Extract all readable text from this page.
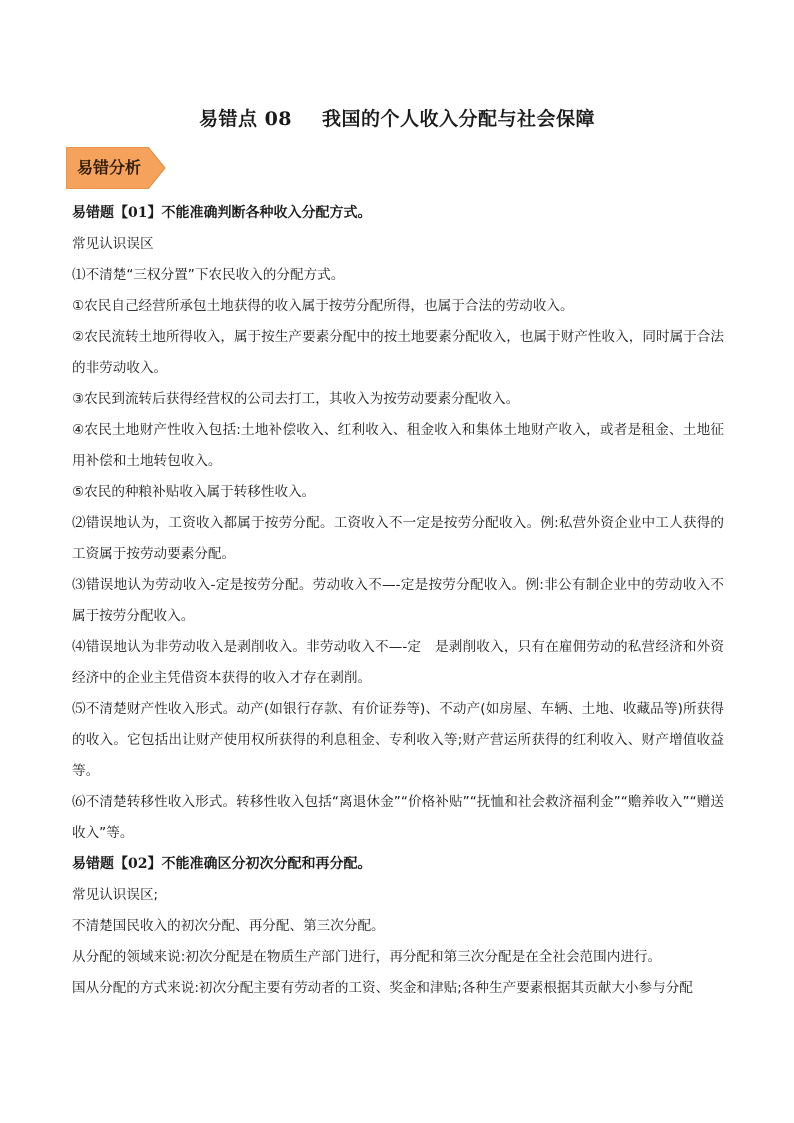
易错点 08 我国的个人收入分配与社会保障
易错分析

易错题【01】不能准确判断各种收入分配方式。

常见认识误区

⑴不清楚“三权分置”下农民收入的分配方式。

①农民自己经营所承包土地获得的收入属于按劳分配所得，也属于合法的劳动收入。

②农民流转土地所得收入，属于按生产要素分配中的按土地要素分配收入，也属于财产性收入，同时属于合法的非劳动收入。

③农民到流转后获得经营权的公司去打工，其收入为按劳动要素分配收入。

④农民土地财产性收入包括:土地补偿收入、红利收入、租金收入和集体土地财产收入，或者是租金、土地征用补偿和土地转包收入。

⑤农民的种粮补贴收入属于转移性收入。

⑵错误地认为，工资收入都属于按劳分配。工资收入不一定是按劳分配收入。例:私营外资企业中工人获得的工资属于按劳动要素分配。

⑶错误地认为劳动收入-定是按劳分配。劳动收入不—-定是按劳分配收入。例:非公有制企业中的劳动收入不属于按劳分配收入。

⑷错误地认为非劳动收入是剥削收入。非劳动收入不—-定　是剥削收入，只有在雇佣劳动的私营经济和外资经济中的企业主凭借资本获得的收入才存在剥削。

⑸不清楚财产性收入形式。动产(如银行存款、有价证券等)、不动产(如房屋、车辆、土地、收藏品等)所获得的收入。它包括出让财产使用权所获得的利息租金、专利收入等;财产营运所获得的红利收入、财产增值收益等。

⑹不清楚转移性收入形式。转移性收入包括“离退休金”“价格补贴”“抚恤和社会救济福利金”“赡养收入”“赠送收入”等。

易错题【02】不能准确区分初次分配和再分配。

常见认识误区;

不清楚国民收入的初次分配、再分配、第三次分配。

从分配的领域来说:初次分配是在物质生产部门进行，再分配和第三次分配是在全社会范围内进行。

国从分配的方式来说:初次分配主要有劳动者的工资、奖金和津贴;各种生产要素根据其贡献大小参与分配
